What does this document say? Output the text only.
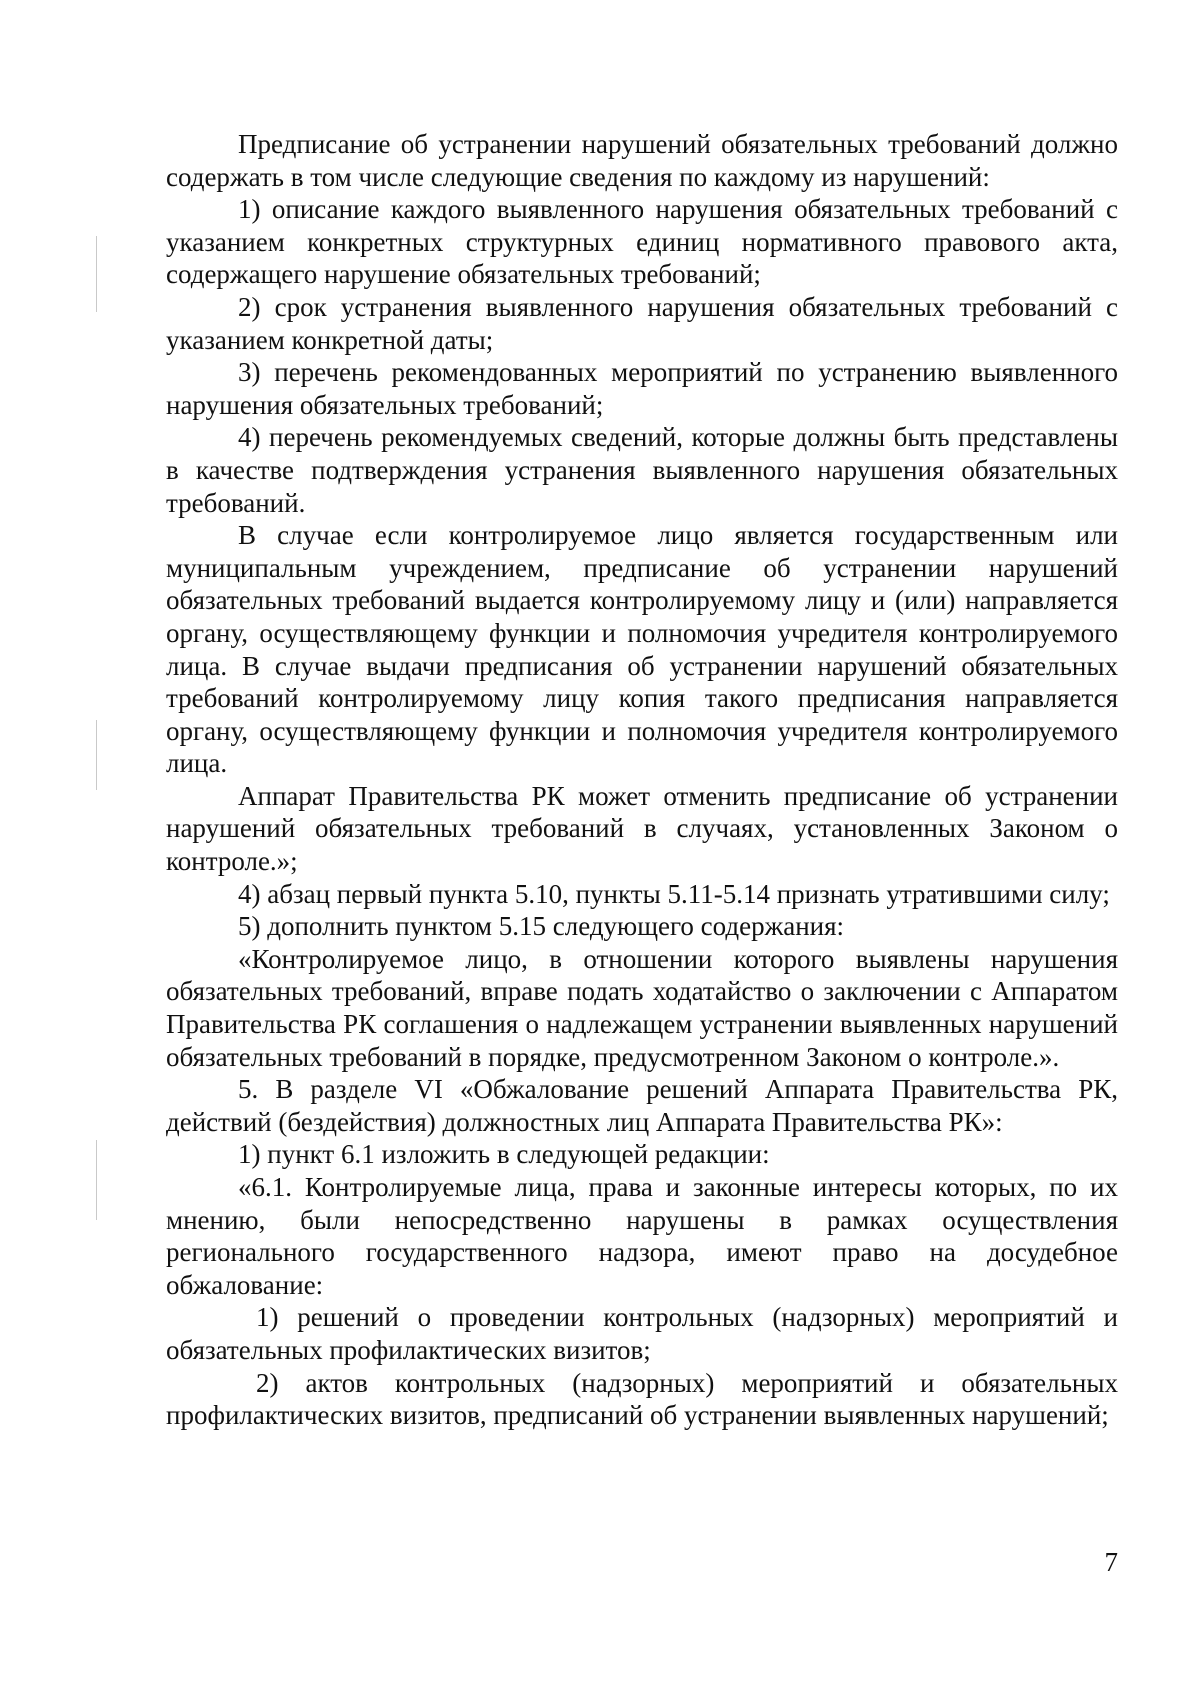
Предписание об устранении нарушений обязательных требований должно содержать в том числе следующие сведения по каждому из нарушений:

1) описание каждого выявленного нарушения обязательных требований с указанием конкретных структурных единиц нормативного правового акта, содержащего нарушение обязательных требований;

2) срок устранения выявленного нарушения обязательных требований с указанием конкретной даты;

3) перечень рекомендованных мероприятий по устранению выявленного нарушения обязательных требований;

4) перечень рекомендуемых сведений, которые должны быть представлены в качестве подтверждения устранения выявленного нарушения обязательных требований.

В случае если контролируемое лицо является государственным или муниципальным учреждением, предписание об устранении нарушений обязательных требований выдается контролируемому лицу и (или) направляется органу, осуществляющему функции и полномочия учредителя контролируемого лица. В случае выдачи предписания об устранении нарушений обязательных требований контролируемому лицу копия такого предписания направляется органу, осуществляющему функции и полномочия учредителя контролируемого лица.

Аппарат Правительства РК может отменить предписание об устранении нарушений обязательных требований в случаях, установленных Законом о контроле.»;

4) абзац первый пункта 5.10, пункты 5.11-5.14 признать утратившими силу;

5) дополнить пунктом 5.15 следующего содержания:

«Контролируемое лицо, в отношении которого выявлены нарушения обязательных требований, вправе подать ходатайство о заключении с Аппаратом Правительства РК соглашения о надлежащем устранении выявленных нарушений обязательных требований в порядке, предусмотренном Законом о контроле.».

5. В разделе VI «Обжалование решений Аппарата Правительства РК, действий (бездействия) должностных лиц Аппарата Правительства РК»:

1) пункт 6.1 изложить в следующей редакции:

«6.1. Контролируемые лица, права и законные интересы которых, по их мнению, были непосредственно нарушены в рамках осуществления регионального государственного надзора, имеют право на досудебное обжалование:

1) решений о проведении контрольных (надзорных) мероприятий и обязательных профилактических визитов;

2) актов контрольных (надзорных) мероприятий и обязательных профилактических визитов, предписаний об устранении выявленных нарушений;

7
